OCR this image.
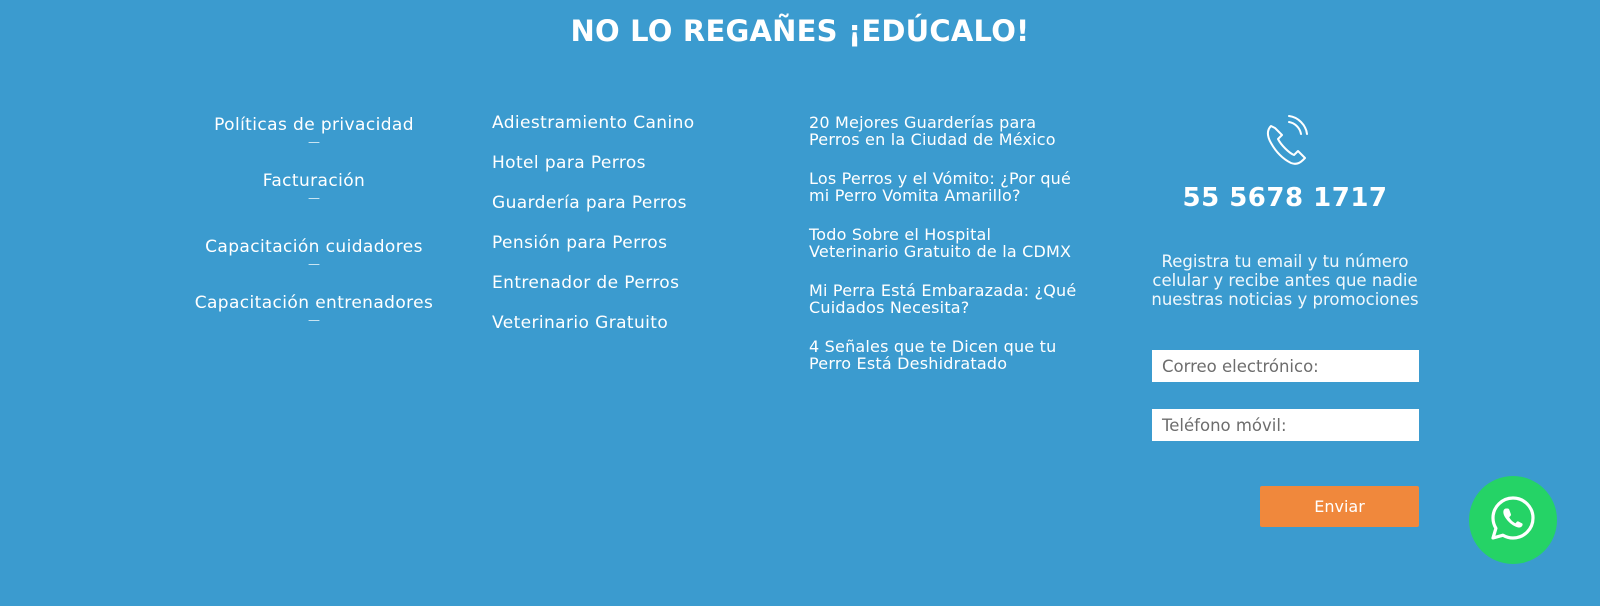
NO LO REGAÑES ¡EDÚCALO!
Políticas de privacidad
—
Facturación
—
Capacitación cuidadores
—
Capacitación entrenadores
—
Adiestramiento Canino
Hotel para Perros
Guardería para Perros
Pensión para Perros
Entrenador de Perros
Veterinario Gratuito
20 Mejores Guarderías para
Perros en la Ciudad de México
Los Perros y el Vómito: ¿Por qué
mi Perro Vomita Amarillo?
Todo Sobre el Hospital
Veterinario Gratuito de la CDMX
Mi Perra Está Embarazada: ¿Qué
Cuidados Necesita?
4 Señales que te Dicen que tu
Perro Está Deshidratado
55 5678 1717
Registra tu email y tu número
celular y recibe antes que nadie
nuestras noticias y promociones
Correo electrónico:
Teléfono móvil:
Enviar
